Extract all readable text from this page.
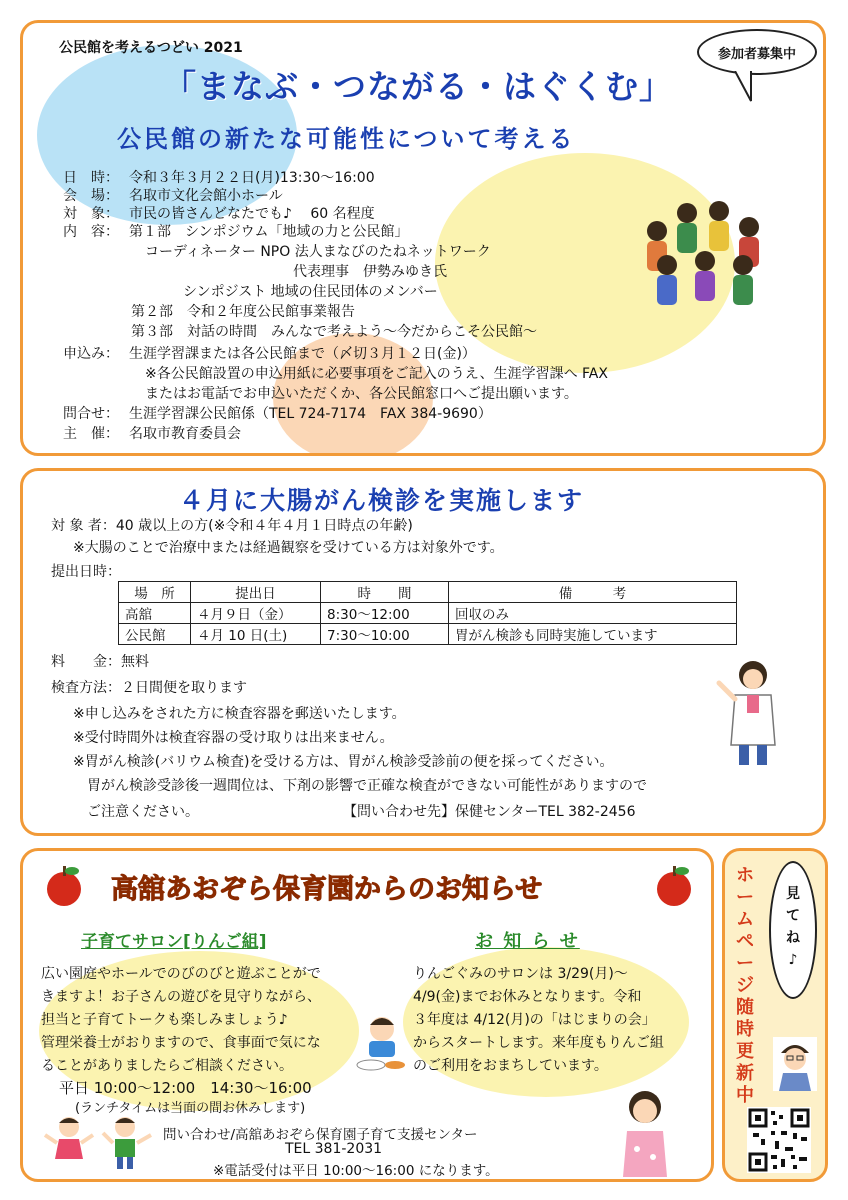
公民館を考えるつどい 2021	参加者募集中
「まなぶ・つながる・はぐくむ」
公民館の新たな可能性について考える
日　時： 令和３年３月２２日(月)13:30〜16:00
会　場： 名取市文化会館小ホール
対　象： 市民の皆さんどなたでも♪　 60 名程度
内　容： 第１部　シンポジウム「地域の力と公民館」
コーディネーター NPO 法人まなびのたねネットワーク
代表理事　伊勢みゆき氏
シンポジスト 地域の住民団体のメンバー
第２部　令和２年度公民館事業報告
第３部　対話の時間　みんなで考えよう〜今だからこそ公民館〜
申込み： 生涯学習課または各公民館まで（〆切３月１２日(金)）
※各公民館設置の申込用紙に必要事項をご記入のうえ、生涯学習課へ FAX
またはお電話でお申込いただくか、各公民館窓口へご提出願います。
問合せ： 生涯学習課公民館係（TEL 724-7174　FAX 384-9690）
主　催： 名取市教育委員会
４月に大腸がん検診を実施します
対 象 者：40 歳以上の方(※令和４年４月１日時点の年齢)
※大腸のことで治療中または経過観察を受けている方は対象外です。
提出日時：
場　所	提出日	時　　間	備　　　考
高舘	４月９日（金）	8:30〜12:00	回収のみ
公民館	４月 10 日(土)	7:30〜10:00	胃がん検診も同時実施しています
料　　金：無料
検査方法：２日間便を取ります
※申し込みをされた方に検査容器を郵送いたします。
※受付時間外は検査容器の受け取りは出来ません。
※胃がん検診(バリウム検査)を受ける方は、胃がん検診受診前の便を採ってください。
胃がん検診受診後一週間位は、下剤の影響で正確な検査ができない可能性がありますので
ご注意ください。	【問い合わせ先】保健センターTEL 382-2456
高舘あおぞら保育園からのお知らせ
子育てサロン[りんご組]	お 知 ら せ
広い園庭やホールでのびのびと遊ぶことがで
きますよ！お子さんの遊びを見守りながら、
担当と子育てトークも楽しみましょう♪
管理栄養士がおりますので、食事面で気にな
ることがありましたらご相談ください。
りんごぐみのサロンは 3/29(月)〜
4/9(金)までお休みとなります。令和
３年度は 4/12(月)の「はじまりの会」
からスタートします。来年度もりんご組
のご利用をおまちしています。
平日 10:00〜12:00　14:30〜16:00
(ランチタイムは当面の間お休みします)
問い合わせ/高舘あおぞら保育園子育て支援センター
TEL 381-2031
※電話受付は平日 10:00〜16:00 になります。
ホ
ー
ム
ペ
ー
ジ
随
時
更
新
中
見
て
ね
♪
